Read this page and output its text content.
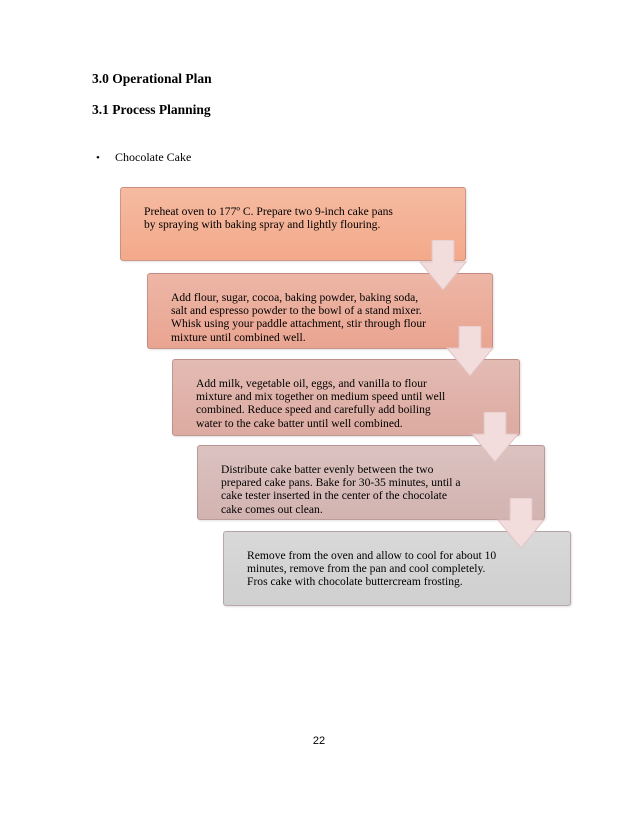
3.0 Operational Plan
3.1 Process Planning
•	Chocolate Cake
Preheat oven to 177º C. Prepare two 9-inch cake pans by spraying with baking spray and lightly flouring.
Add flour, sugar, cocoa, baking powder, baking soda, salt and espresso powder to the bowl of a stand mixer. Whisk using your paddle attachment, stir through flour mixture until combined well.
Add milk, vegetable oil, eggs, and vanilla to flour mixture and mix together on medium speed until well combined. Reduce speed and carefully add boiling water to the cake batter until well combined.
Distribute cake batter evenly between the two prepared cake pans. Bake for 30-35 minutes, until a cake tester inserted in the center of the chocolate cake comes out clean.
Remove from the oven and allow to cool for about 10 minutes, remove from the pan and cool completely. Fros cake with chocolate buttercream frosting.
22
